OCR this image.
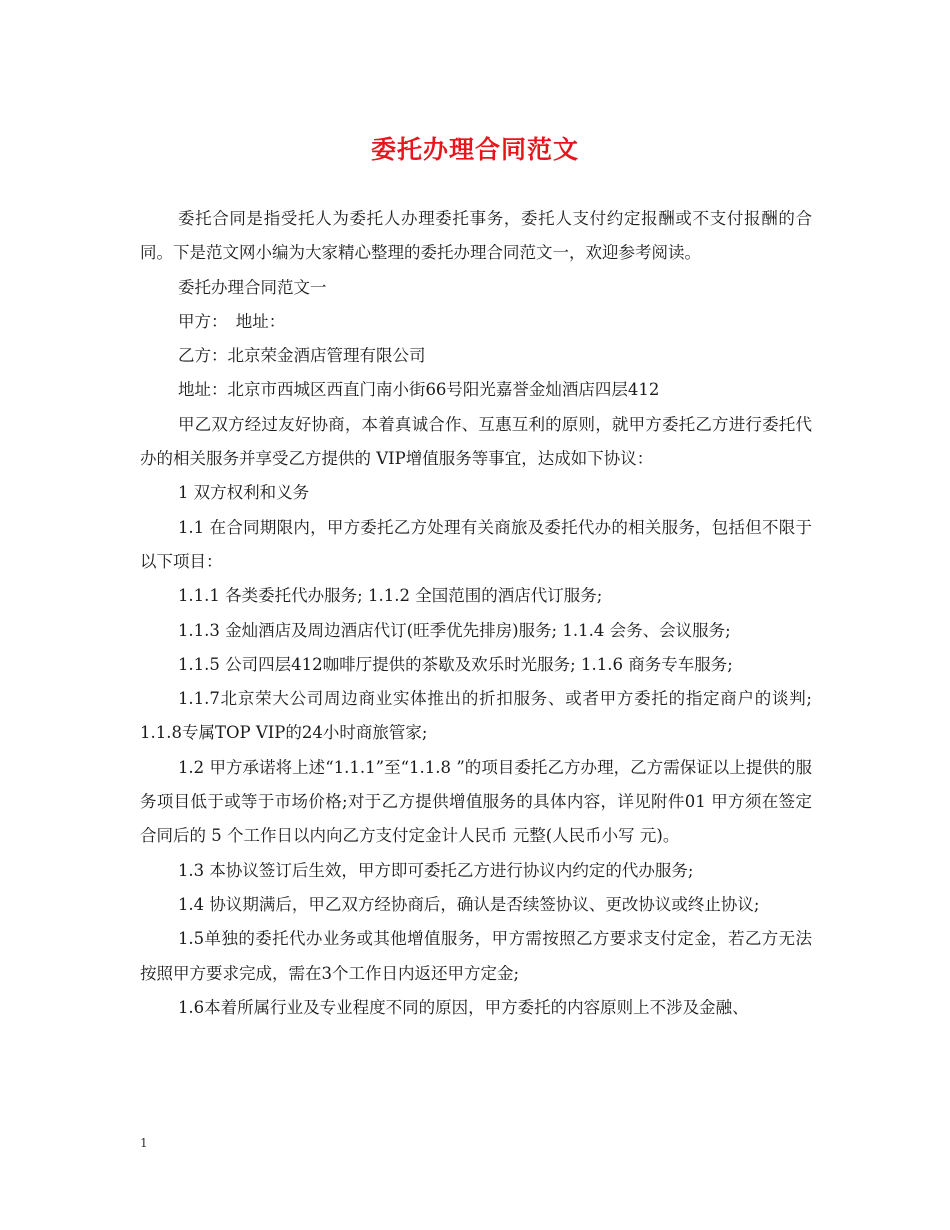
委托办理合同范文

委托合同是指受托人为委托人办理委托事务，委托人支付约定报酬或不支付报酬的合同。下是范文网小编为大家精心整理的委托办理合同范文一，欢迎参考阅读。

委托办理合同范文一

甲方：　地址：

乙方：北京荣金酒店管理有限公司

地址：北京市西城区西直门南小街66号阳光嘉誉金灿酒店四层412

甲乙双方经过友好协商，本着真诚合作、互惠互利的原则，就甲方委托乙方进行委托代办的相关服务并享受乙方提供的 VIP增值服务等事宜，达成如下协议：

1 双方权利和义务

1.1 在合同期限内，甲方委托乙方处理有关商旅及委托代办的相关服务，包括但不限于以下项目：

1.1.1 各类委托代办服务; 1.1.2 全国范围的酒店代订服务;

1.1.3 金灿酒店及周边酒店代订(旺季优先排房)服务; 1.1.4 会务、会议服务;

1.1.5 公司四层412咖啡厅提供的茶歇及欢乐时光服务; 1.1.6 商务专车服务;

1.1.7北京荣大公司周边商业实体推出的折扣服务、或者甲方委托的指定商户的谈判; 1.1.8专属TOP VIP的24小时商旅管家;

1.2 甲方承诺将上述“1.1.1”至“1.1.8 ”的项目委托乙方办理，乙方需保证以上提供的服务项目低于或等于市场价格;对于乙方提供增值服务的具体内容，详见附件01 甲方须在签定合同后的 5 个工作日以内向乙方支付定金计人民币 元整(人民币小写 元)。

1.3 本协议签订后生效，甲方即可委托乙方进行协议内约定的代办服务;

1.4 协议期满后，甲乙双方经协商后，确认是否续签协议、更改协议或终止协议;

1.5单独的委托代办业务或其他增值服务，甲方需按照乙方要求支付定金，若乙方无法按照甲方要求完成，需在3个工作日内返还甲方定金;

1.6本着所属行业及专业程度不同的原因，甲方委托的内容原则上不涉及金融、

1
